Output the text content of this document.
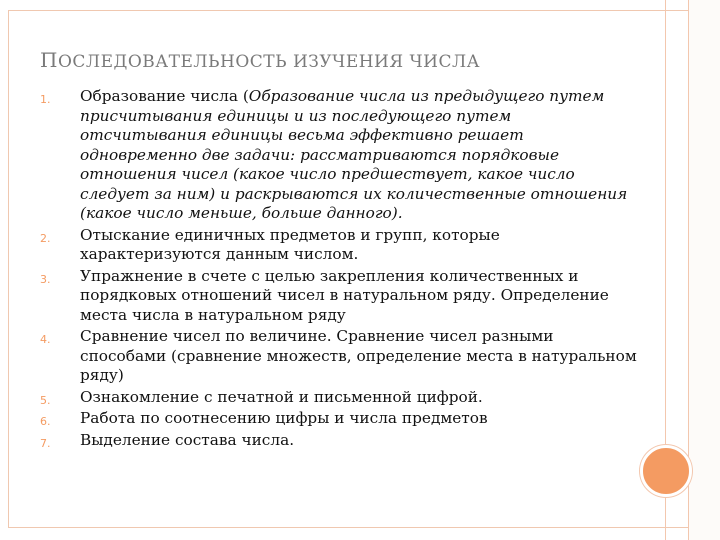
ПОСЛЕДОВАТЕЛЬНОСТЬ ИЗУЧЕНИЯ ЧИСЛА
1. Образование числа (Образование числа из предыдущего путем присчитывания единицы и из последующего путем отсчитывания единицы весьма эффективно решает одновременно две задачи: рассматриваются порядковые отношения чисел (какое число предшествует, какое число следует за ним) и раскрываются их количественные отношения (какое число меньше, больше данного).
2. Отыскание единичных предметов и групп, которые характеризуются данным числом.
3. Упражнение в счете с целью закрепления количественных и порядковых отношений чисел в натуральном ряду. Определение места числа в натуральном ряду
4. Сравнение чисел по величине. Сравнение чисел разными способами (сравнение множеств, определение места в натуральном ряду)
5. Ознакомление с печатной и письменной цифрой.
6. Работа по соотнесению цифры и числа предметов
7. Выделение состава числа.
